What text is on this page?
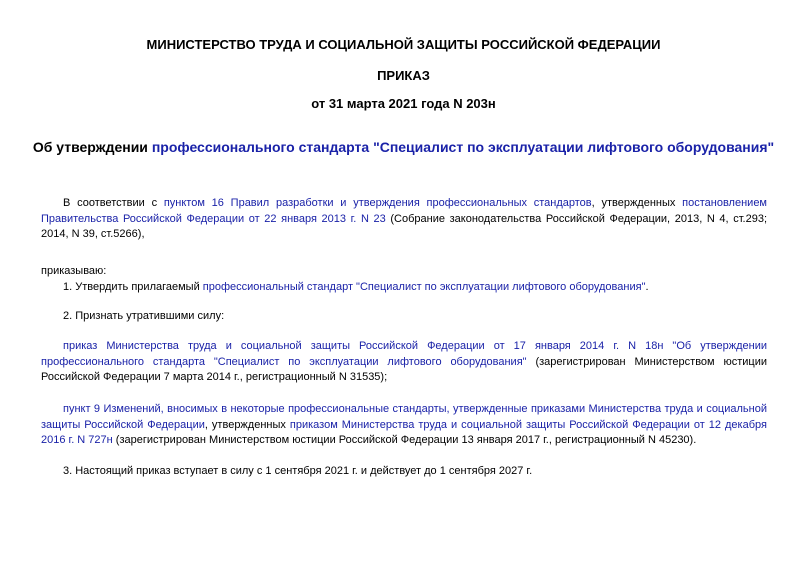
МИНИСТЕРСТВО ТРУДА И СОЦИАЛЬНОЙ ЗАЩИТЫ РОССИЙСКОЙ ФЕДЕРАЦИИ
ПРИКАЗ
от 31 марта 2021 года N 203н
Об утверждении профессионального стандарта "Специалист по эксплуатации лифтового оборудования"
В соответствии с пунктом 16 Правил разработки и утверждения профессиональных стандартов, утвержденных постановлением Правительства Российской Федерации от 22 января 2013 г. N 23 (Собрание законодательства Российской Федерации, 2013, N 4, ст.293; 2014, N 39, ст.5266),
приказываю:
1. Утвердить прилагаемый профессиональный стандарт "Специалист по эксплуатации лифтового оборудования".
2. Признать утратившими силу:
приказ Министерства труда и социальной защиты Российской Федерации от 17 января 2014 г. N 18н "Об утверждении профессионального стандарта "Специалист по эксплуатации лифтового оборудования" (зарегистрирован Министерством юстиции Российской Федерации 7 марта 2014 г., регистрационный N 31535);
пункт 9 Изменений, вносимых в некоторые профессиональные стандарты, утвержденные приказами Министерства труда и социальной защиты Российской Федерации, утвержденных приказом Министерства труда и социальной защиты Российской Федерации от 12 декабря 2016 г. N 727н (зарегистрирован Министерством юстиции Российской Федерации 13 января 2017 г., регистрационный N 45230).
3. Настоящий приказ вступает в силу с 1 сентября 2021 г. и действует до 1 сентября 2027 г.
